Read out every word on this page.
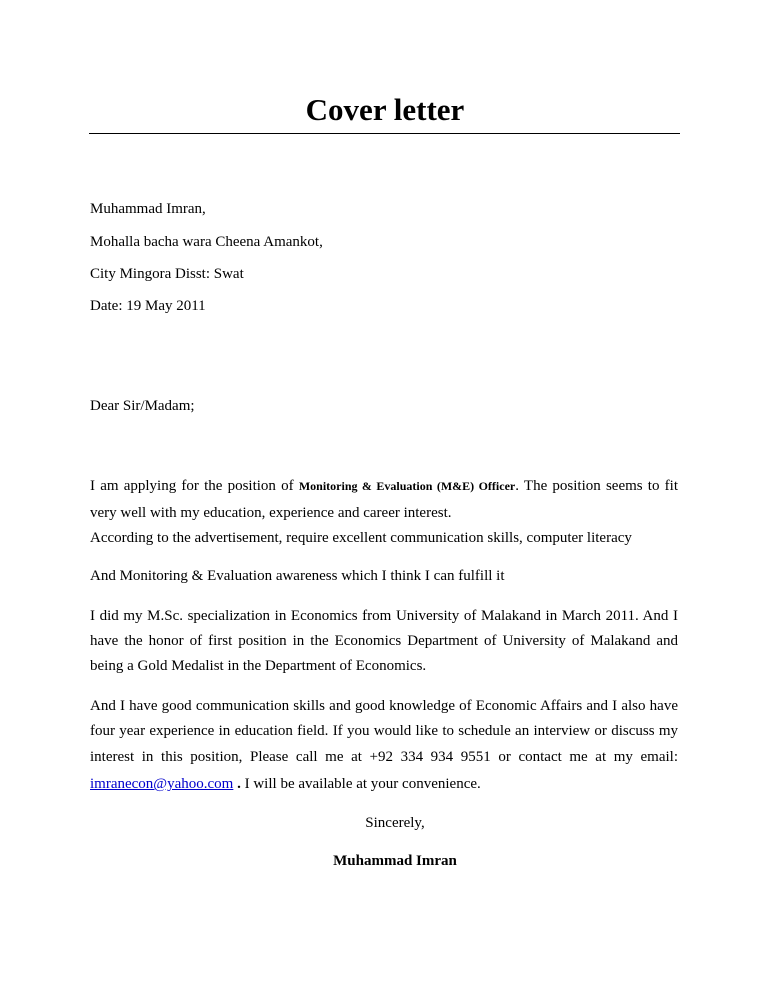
Cover letter
Muhammad Imran,
Mohalla bacha wara Cheena Amankot,
City Mingora Disst: Swat
Date: 19 May 2011
Dear Sir/Madam;
I am applying for the position of Monitoring & Evaluation (M&E) Officer. The position seems to fit
very well with my education, experience and career interest.
According to the advertisement, require excellent communication skills, computer literacy
And Monitoring & Evaluation awareness which I think I can fulfill it
I did my M.Sc. specialization in Economics from University of Malakand in March 2011. And I
have the honor of first position in the Economics Department of University of Malakand and
being a Gold Medalist in the Department of Economics.
And I have good communication skills and good knowledge of Economic Affairs and I also have
four year experience in education field. If you would like to schedule an interview or discuss my
interest in this position, Please call me at +92 334 934 9551 or contact me at my email:
imranecon@yahoo.com . I will be available at your convenience.
Sincerely,
Muhammad Imran
